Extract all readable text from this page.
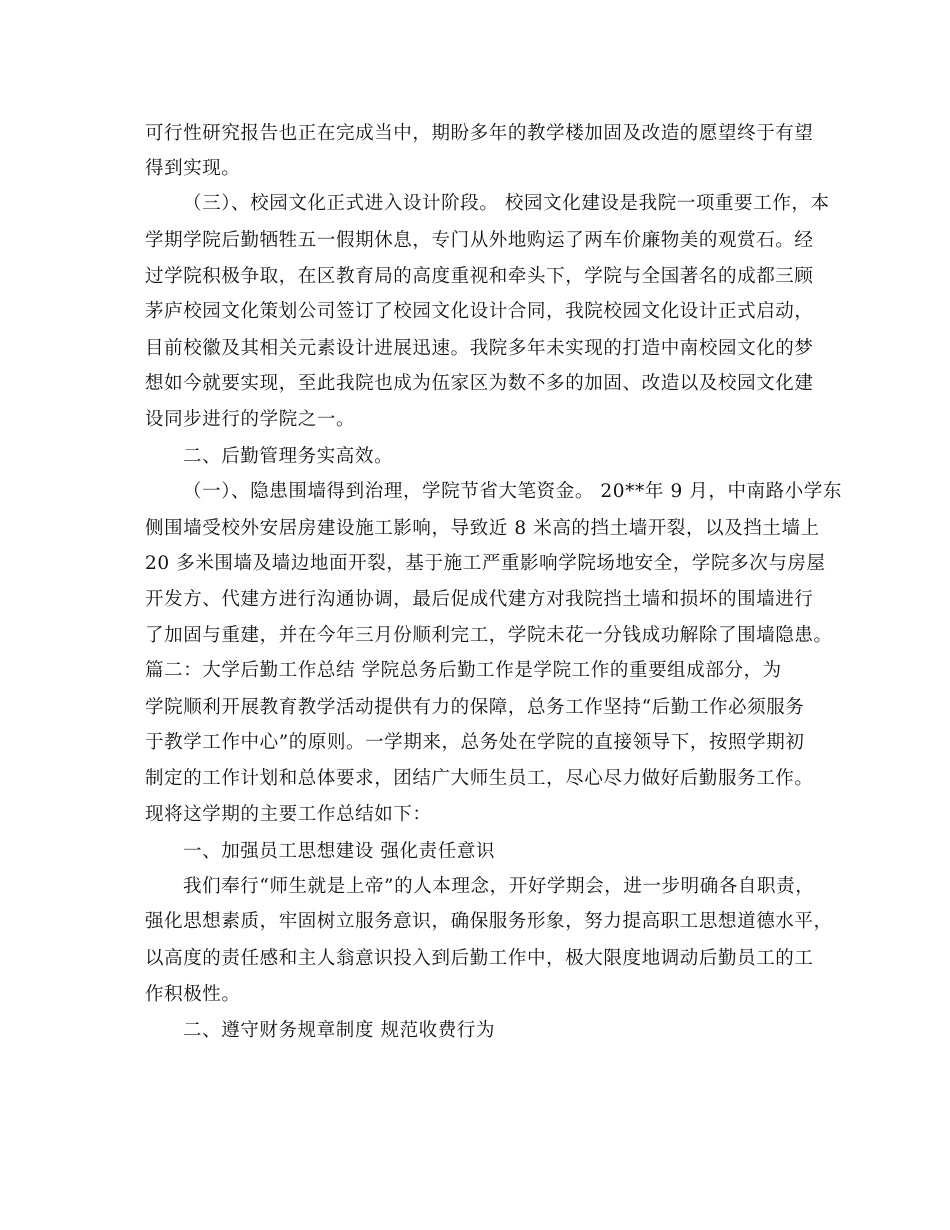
可行性研究报告也正在完成当中，期盼多年的教学楼加固及改造的愿望终于有望
得到实现。
（三）、校园文化正式进入设计阶段。 校园文化建设是我院一项重要工作，本
学期学院后勤牺牲五一假期休息，专门从外地购运了两车价廉物美的观赏石。经
过学院积极争取，在区教育局的高度重视和牵头下，学院与全国著名的成都三顾
茅庐校园文化策划公司签订了校园文化设计合同，我院校园文化设计正式启动，
目前校徽及其相关元素设计进展迅速。我院多年未实现的打造中南校园文化的梦
想如今就要实现，至此我院也成为伍家区为数不多的加固、改造以及校园文化建
设同步进行的学院之一。
二、后勤管理务实高效。
（一）、隐患围墙得到治理，学院节省大笔资金。 20**年 9 月，中南路小学东
侧围墙受校外安居房建设施工影响，导致近 8 米高的挡土墙开裂，以及挡土墙上
20 多米围墙及墙边地面开裂，基于施工严重影响学院场地安全，学院多次与房屋
开发方、代建方进行沟通协调，最后促成代建方对我院挡土墙和损坏的围墙进行
了加固与重建，并在今年三月份顺利完工，学院未花一分钱成功解除了围墙隐患。
篇二：大学后勤工作总结 学院总务后勤工作是学院工作的重要组成部分，为
学院顺利开展教育教学活动提供有力的保障，总务工作坚持“后勤工作必须服务
于教学工作中心”的原则。一学期来，总务处在学院的直接领导下，按照学期初
制定的工作计划和总体要求，团结广大师生员工，尽心尽力做好后勤服务工作。
现将这学期的主要工作总结如下：
一、加强员工思想建设 强化责任意识
我们奉行“师生就是上帝”的人本理念，开好学期会，进一步明确各自职责，
强化思想素质，牢固树立服务意识，确保服务形象，努力提高职工思想道德水平，
以高度的责任感和主人翁意识投入到后勤工作中，极大限度地调动后勤员工的工
作积极性。
二、遵守财务规章制度 规范收费行为
